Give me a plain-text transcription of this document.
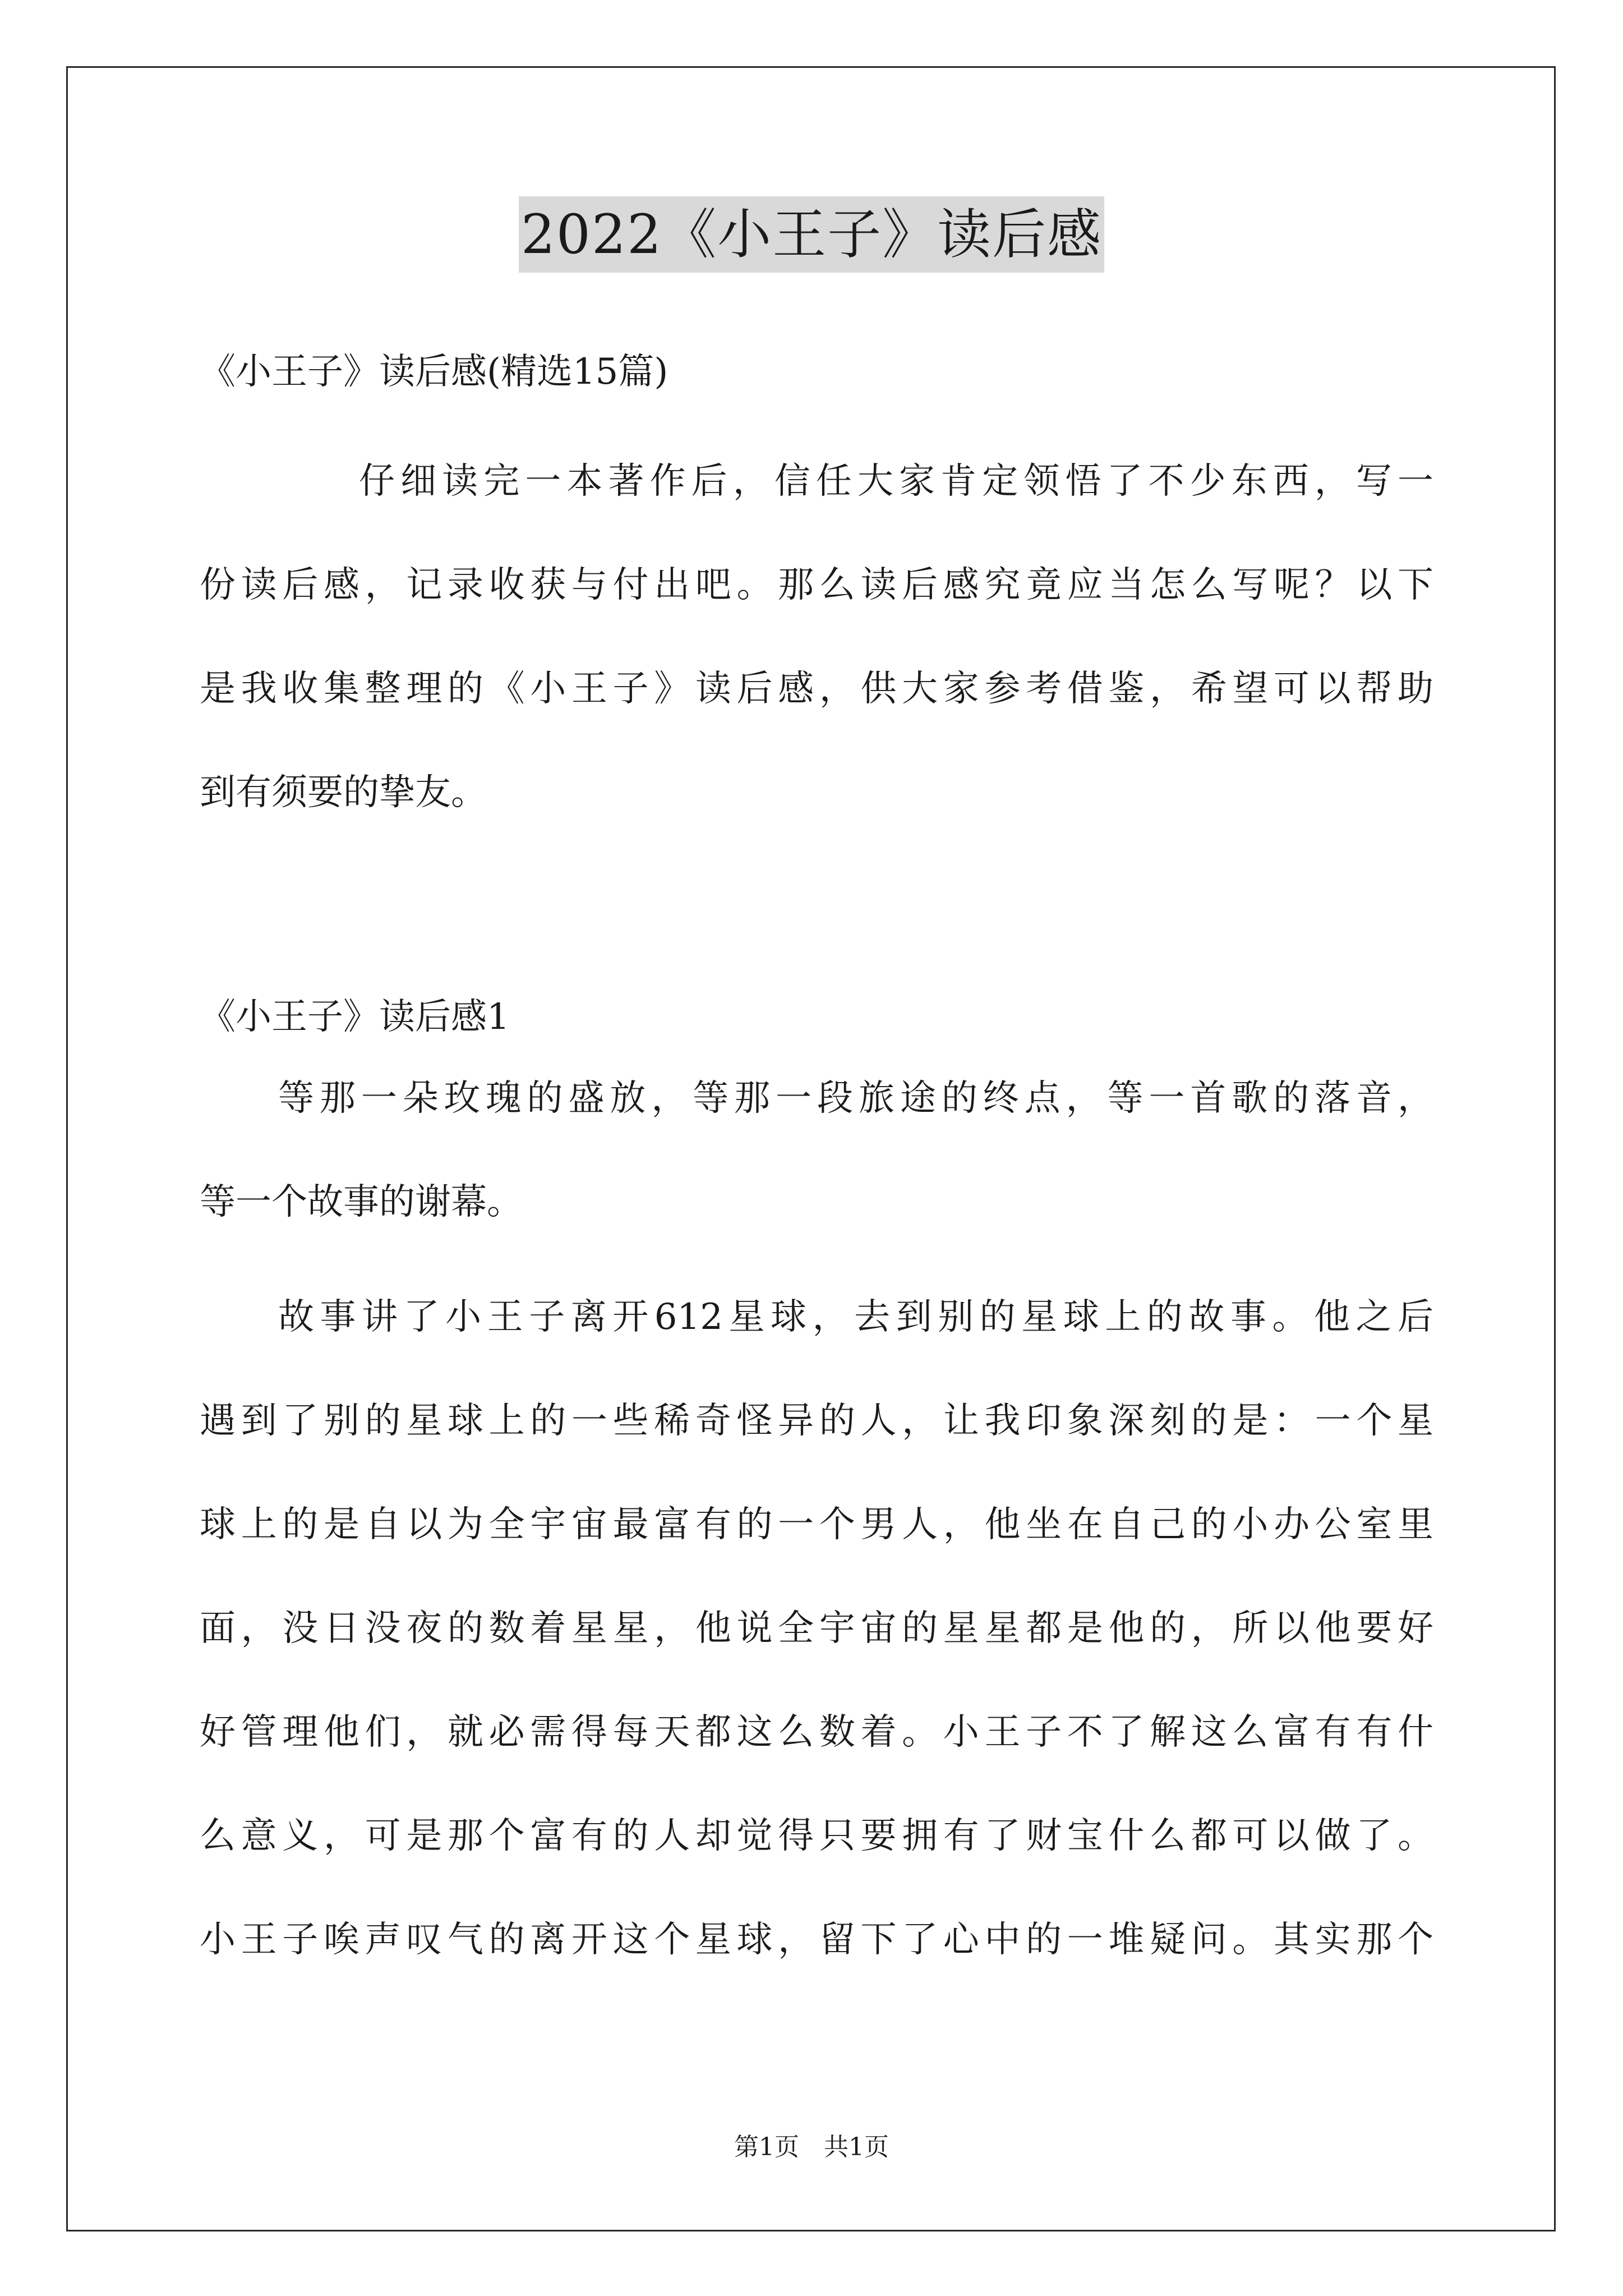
2022《小王子》读后感
《小王子》读后感(精选15篇)
仔细读完一本著作后，信任大家肯定领悟了不少东西，写一
份读后感，记录收获与付出吧。那么读后感究竟应当怎么写呢？以下
是我收集整理的《小王子》读后感，供大家参考借鉴，希望可以帮助
到有须要的挚友。
《小王子》读后感1
等那一朵玫瑰的盛放，等那一段旅途的终点，等一首歌的落音，
等一个故事的谢幕。
故事讲了小王子离开612星球，去到别的星球上的故事。他之后
遇到了别的星球上的一些稀奇怪异的人，让我印象深刻的是：一个星
球上的是自以为全宇宙最富有的一个男人，他坐在自己的小办公室里
面，没日没夜的数着星星，他说全宇宙的星星都是他的，所以他要好
好管理他们，就必需得每天都这么数着。小王子不了解这么富有有什
么意义，可是那个富有的人却觉得只要拥有了财宝什么都可以做了。
小王子唉声叹气的离开这个星球，留下了心中的一堆疑问。其实那个
第1页　共1页
